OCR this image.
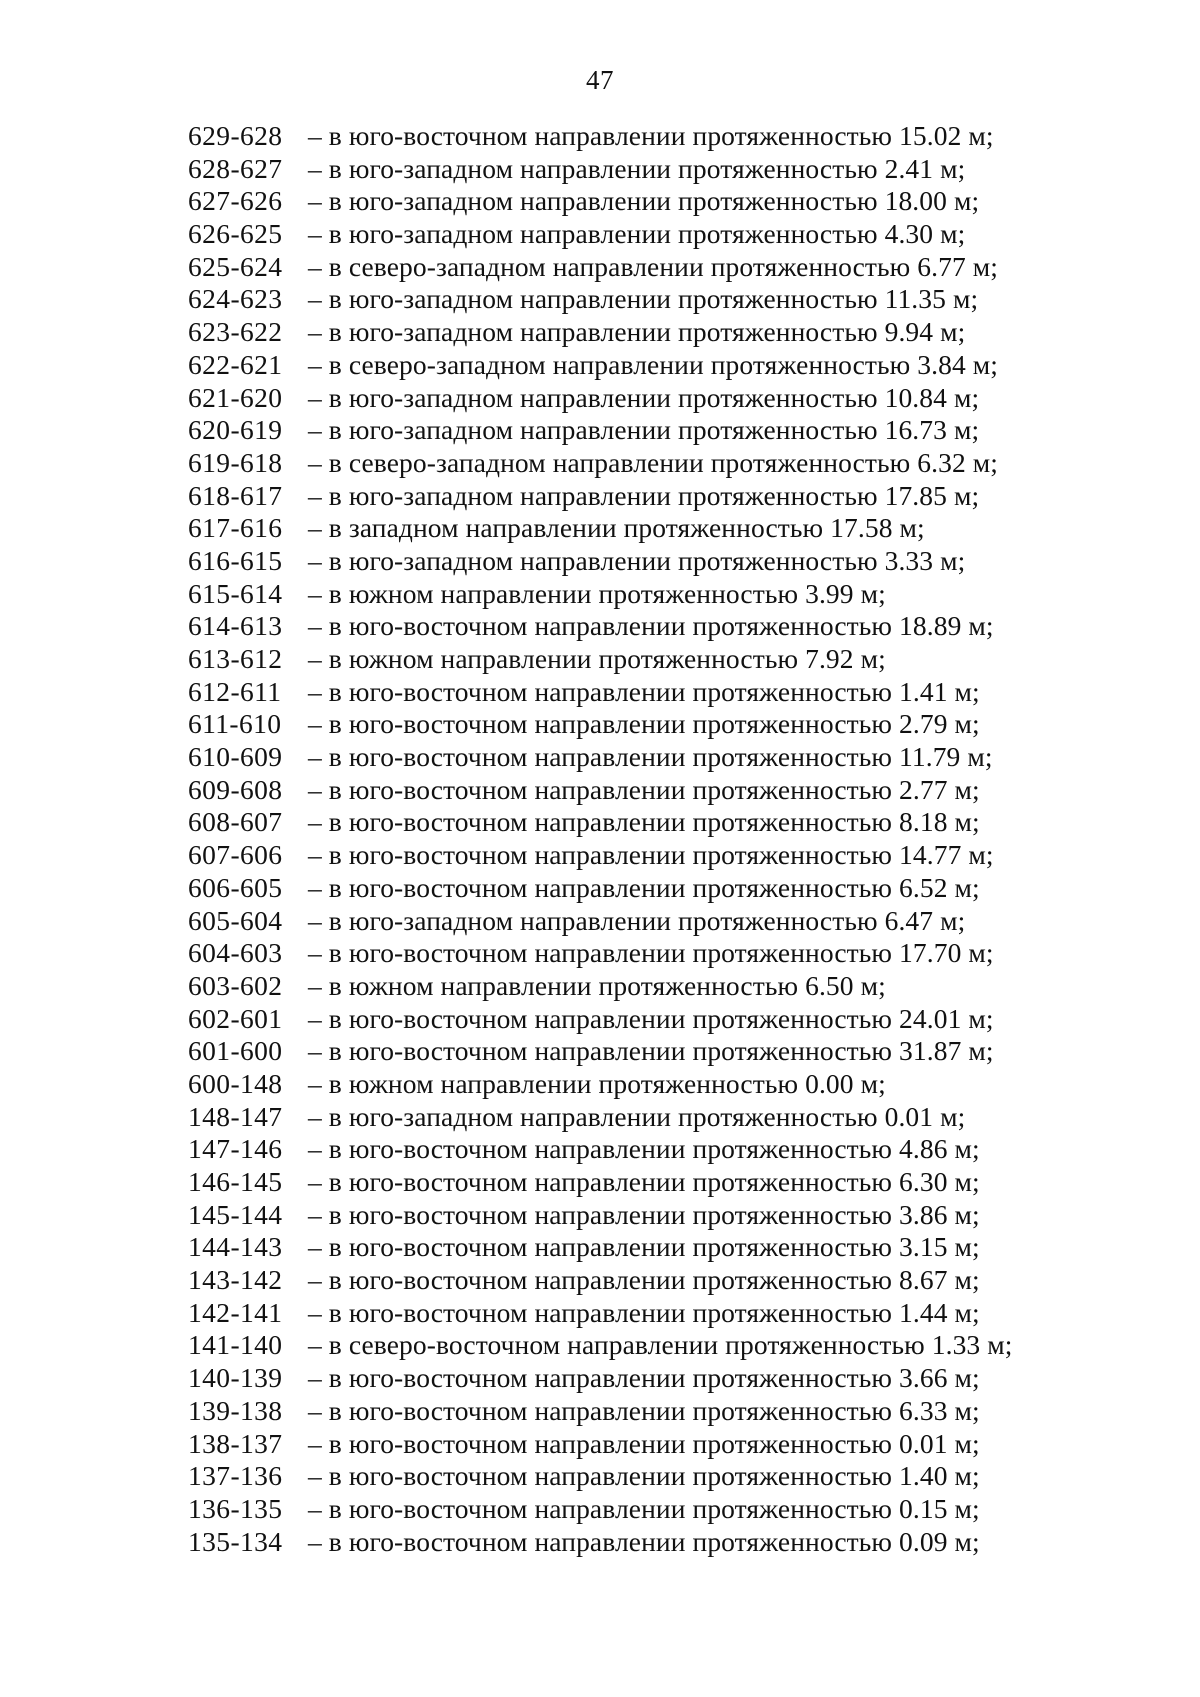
47
629-628 – в юго-восточном направлении протяженностью 15.02 м;
628-627 – в юго-западном направлении протяженностью 2.41 м;
627-626 – в юго-западном направлении протяженностью 18.00 м;
626-625 – в юго-западном направлении протяженностью 4.30 м;
625-624 – в северо-западном направлении протяженностью 6.77 м;
624-623 – в юго-западном направлении протяженностью 11.35 м;
623-622 – в юго-западном направлении протяженностью 9.94 м;
622-621 – в северо-западном направлении протяженностью 3.84 м;
621-620 – в юго-западном направлении протяженностью 10.84 м;
620-619 – в юго-западном направлении протяженностью 16.73 м;
619-618 – в северо-западном направлении протяженностью 6.32 м;
618-617 – в юго-западном направлении протяженностью 17.85 м;
617-616 – в западном направлении протяженностью 17.58 м;
616-615 – в юго-западном направлении протяженностью 3.33 м;
615-614 – в южном направлении протяженностью 3.99 м;
614-613 – в юго-восточном направлении протяженностью 18.89 м;
613-612 – в южном направлении протяженностью 7.92 м;
612-611 – в юго-восточном направлении протяженностью 1.41 м;
611-610 – в юго-восточном направлении протяженностью 2.79 м;
610-609 – в юго-восточном направлении протяженностью 11.79 м;
609-608 – в юго-восточном направлении протяженностью 2.77 м;
608-607 – в юго-восточном направлении протяженностью 8.18 м;
607-606 – в юго-восточном направлении протяженностью 14.77 м;
606-605 – в юго-восточном направлении протяженностью 6.52 м;
605-604 – в юго-западном направлении протяженностью 6.47 м;
604-603 – в юго-восточном направлении протяженностью 17.70 м;
603-602 – в южном направлении протяженностью 6.50 м;
602-601 – в юго-восточном направлении протяженностью 24.01 м;
601-600 – в юго-восточном направлении протяженностью 31.87 м;
600-148 – в южном направлении протяженностью 0.00 м;
148-147 – в юго-западном направлении протяженностью 0.01 м;
147-146 – в юго-восточном направлении протяженностью 4.86 м;
146-145 – в юго-восточном направлении протяженностью 6.30 м;
145-144 – в юго-восточном направлении протяженностью 3.86 м;
144-143 – в юго-восточном направлении протяженностью 3.15 м;
143-142 – в юго-восточном направлении протяженностью 8.67 м;
142-141 – в юго-восточном направлении протяженностью 1.44 м;
141-140 – в северо-восточном направлении протяженностью 1.33 м;
140-139 – в юго-восточном направлении протяженностью 3.66 м;
139-138 – в юго-восточном направлении протяженностью 6.33 м;
138-137 – в юго-восточном направлении протяженностью 0.01 м;
137-136 – в юго-восточном направлении протяженностью 1.40 м;
136-135 – в юго-восточном направлении протяженностью 0.15 м;
135-134 – в юго-восточном направлении протяженностью 0.09 м;
